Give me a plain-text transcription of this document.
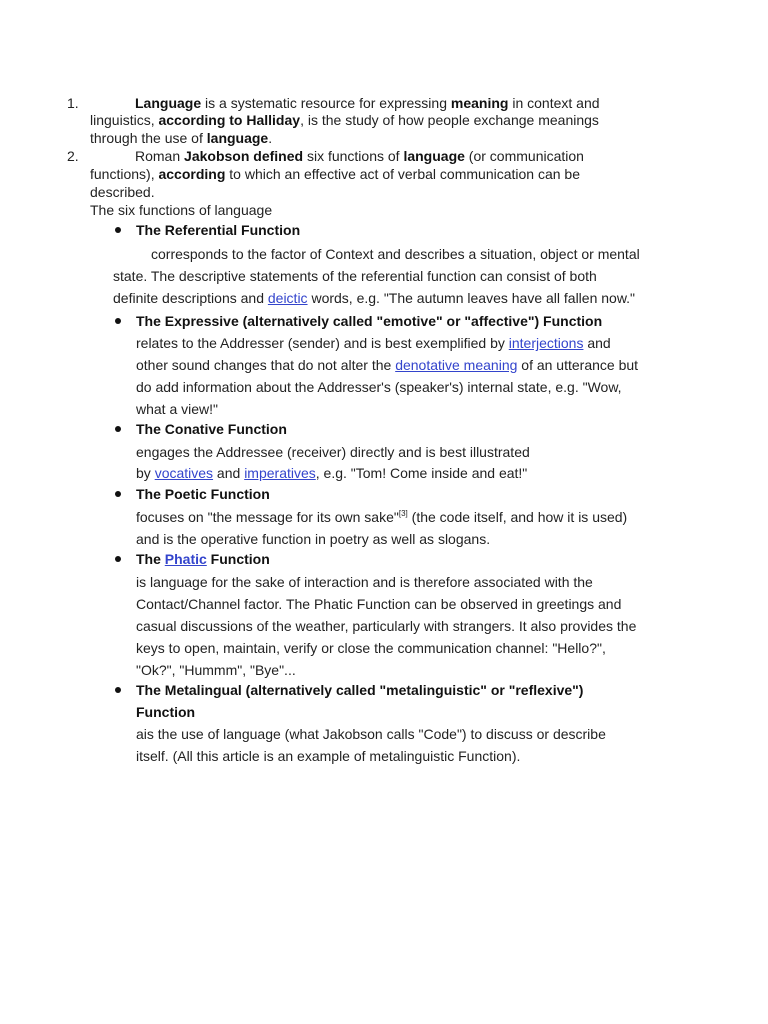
1.	Language is a systematic resource for expressing meaning in context and
linguistics, according to Halliday, is the study of how people exchange meanings
through the use of language.
2.	Roman Jakobson defined six functions of language (or communication
functions), according to which an effective act of verbal communication can be
described.
The six functions of language
The Referential Function
corresponds to the factor of Context and describes a situation, object or mental
state. The descriptive statements of the referential function can consist of both
definite descriptions and deictic words, e.g. "The autumn leaves have all fallen now."
The Expressive (alternatively called "emotive" or "affective") Function
relates to the Addresser (sender) and is best exemplified by interjections and
other sound changes that do not alter the denotative meaning of an utterance but
do add information about the Addresser's (speaker's) internal state, e.g. "Wow,
what a view!"
The Conative Function
engages the Addressee (receiver) directly and is best illustrated
by vocatives and imperatives, e.g. "Tom! Come inside and eat!"
The Poetic Function
focuses on "the message for its own sake"[3] (the code itself, and how it is used)
and is the operative function in poetry as well as slogans.
The Phatic Function
is language for the sake of interaction and is therefore associated with the
Contact/Channel factor. The Phatic Function can be observed in greetings and
casual discussions of the weather, particularly with strangers. It also provides the
keys to open, maintain, verify or close the communication channel: "Hello?",
"Ok?", "Hummm", "Bye"...
The Metalingual (alternatively called "metalinguistic" or "reflexive")
Function
ais the use of language (what Jakobson calls "Code") to discuss or describe
itself. (All this article is an example of metalinguistic Function).
